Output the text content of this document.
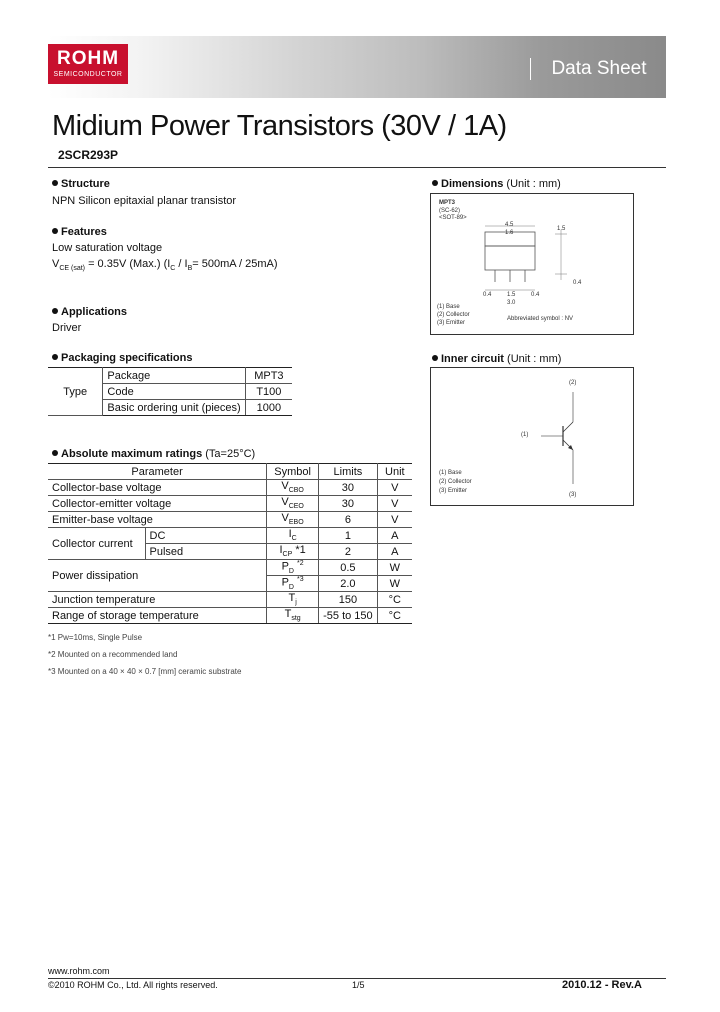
ROHM
SEMICONDUCTOR	Data Sheet
Midium Power Transistors (30V / 1A)
2SCR293P
Structure
NPN Silicon epitaxial planar transistor
Features
Low saturation voltage
$V_{CE (sat)} = 0.35V$ (Max.) $(I_C / I_B= 500mA / 25mA)$
Applications
Driver
Packaging specifications
Type	Package	MPT3
	Code	T100
	Basic ordering unit (pieces)	1000
Absolute maximum ratings (Ta=25°C)
Parameter		Symbol	Limits	Unit
Collector-base voltage		$V_{CBO}$	30	V
Collector-emitter voltage		$V_{CEO}$	30	V
Emitter-base voltage		$V_{EBO}$	6	V
Collector current	DC	$I_C$	1	A
	Pulsed	$I_{CP}$ *1	2	A
Power dissipation		$P_D$ $^{*2}$	0.5	W
		$P_D$ $^{*3}$	2.0	W
Junction temperature		$T_j$	150	°C
Range of storage temperature		$T_{stg}$	-55 to 150	°C
*1 Pw=10ms, Single Pulse
*2 Mounted on a recommended land
*3 Mounted on a 40 × 40 × 0.7 [mm] ceramic substrate
Dimensions (Unit : mm)
MPT3
(SC-62)
<SOT-89>
4.5
1.6
1.5
0.4
0.4	1.5
3.0
0.4
(1) Base
(2) Collector
(3) Emitter
Abbreviated symbol : NV
Inner circuit (Unit : mm)
(2)
(1)
(3)
(1) Base
(2) Collector
(3) Emitter
www.rohm.com
©2010 ROHM Co., Ltd. All rights reserved.	1/5	2010.12 - Rev.A
